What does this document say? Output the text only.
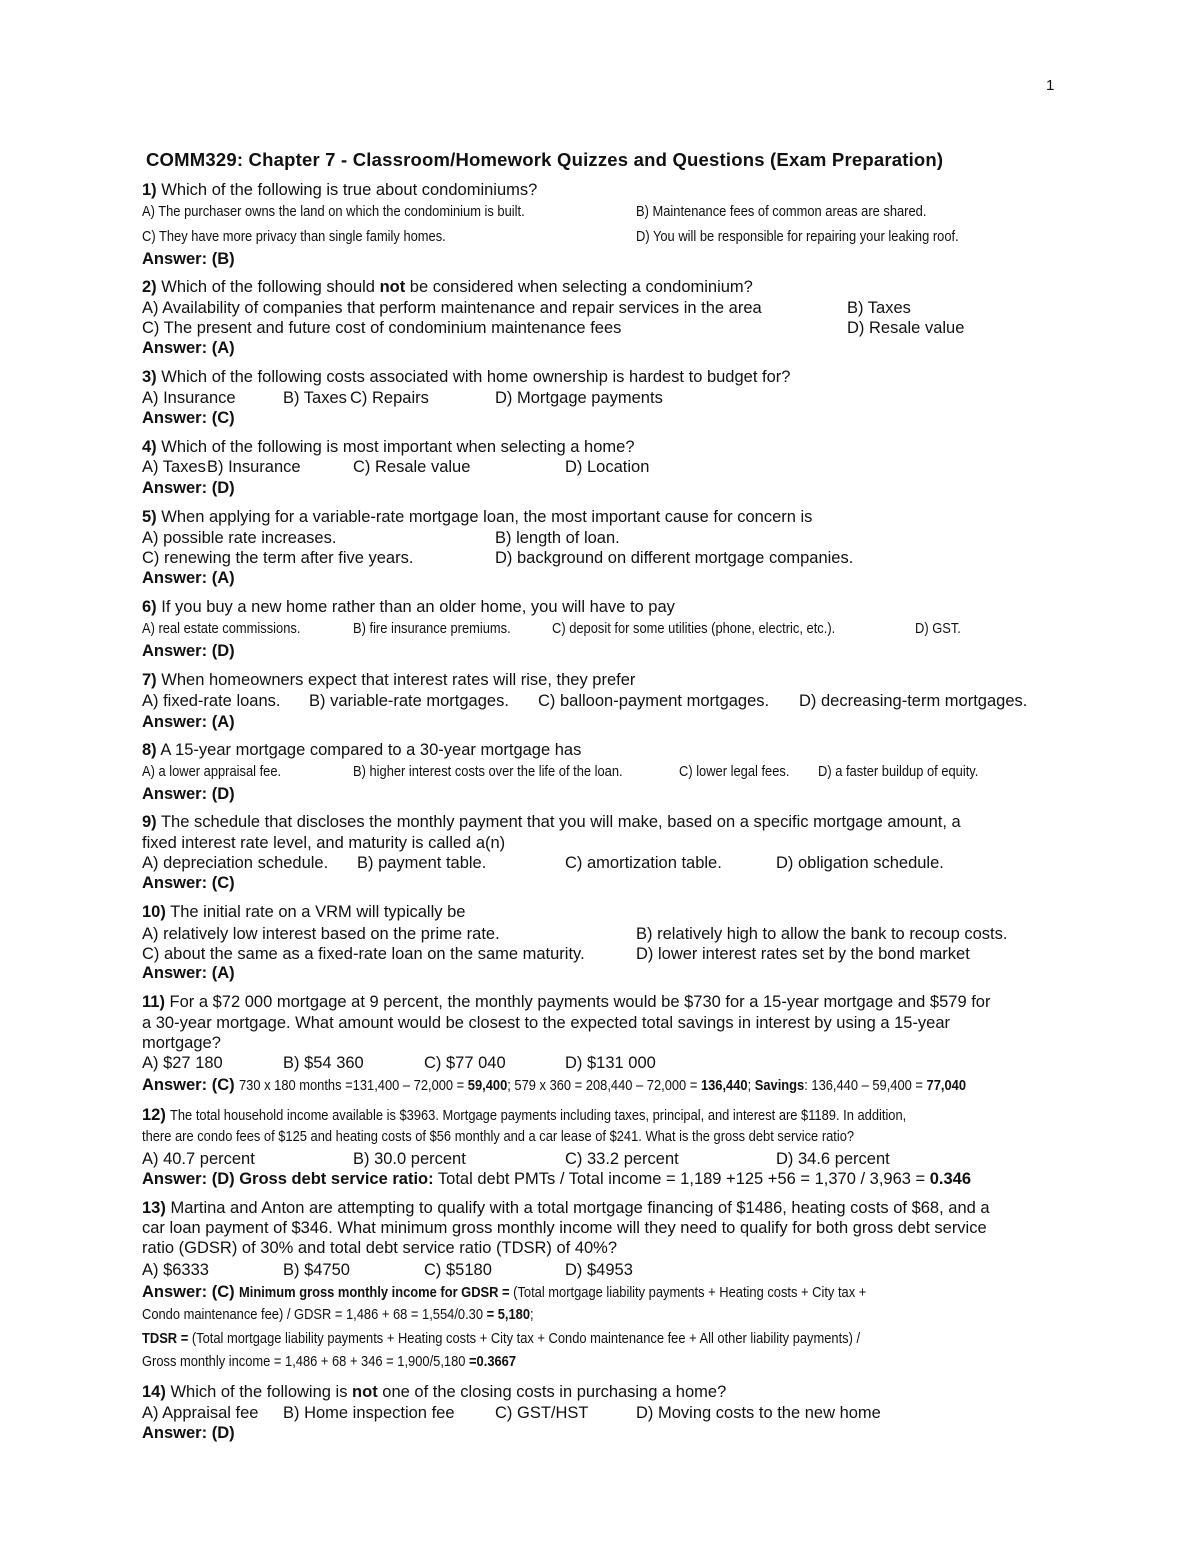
1
COMM329: Chapter 7 - Classroom/Homework Quizzes and Questions (Exam Preparation)
1) Which of the following is true about condominiums?
A) The purchaser owns the land on which the condominium is built.	B) Maintenance fees of common areas are shared.
C) They have more privacy than single family homes.	D) You will be responsible for repairing your leaking roof.
Answer: (B)
2) Which of the following should not be considered when selecting a condominium?
A) Availability of companies that perform maintenance and repair services in the area	B) Taxes
C) The present and future cost of condominium maintenance fees	D) Resale value
Answer: (A)
3) Which of the following costs associated with home ownership is hardest to budget for?
A) Insurance	B) Taxes C) Repairs	D) Mortgage payments
Answer: (C)
4) Which of the following is most important when selecting a home?
A) Taxes B) Insurance	C) Resale value	D) Location
Answer: (D)
5) When applying for a variable-rate mortgage loan, the most important cause for concern is
A) possible rate increases.	B) length of loan.
C) renewing the term after five years.	D) background on different mortgage companies.
Answer: (A)
6) If you buy a new home rather than an older home, you will have to pay
A) real estate commissions.	B) fire insurance premiums.	C) deposit for some utilities (phone, electric, etc.).	D) GST.
Answer: (D)
7) When homeowners expect that interest rates will rise, they prefer
A) fixed-rate loans. B) variable-rate mortgages. C) balloon-payment mortgages. D) decreasing-term mortgages.
Answer: (A)
8) A 15-year mortgage compared to a 30-year mortgage has
A) a lower appraisal fee.	B) higher interest costs over the life of the loan.	C) lower legal fees. D) a faster buildup of equity.
Answer: (D)
9) The schedule that discloses the monthly payment that you will make, based on a specific mortgage amount, a
fixed interest rate level, and maturity is called a(n)
A) depreciation schedule. B) payment table.	C) amortization table.	D) obligation schedule.
Answer: (C)
10) The initial rate on a VRM will typically be
A) relatively low interest based on the prime rate.	B) relatively high to allow the bank to recoup costs.
C) about the same as a fixed-rate loan on the same maturity.	D) lower interest rates set by the bond market
Answer: (A)
11) For a $72 000 mortgage at 9 percent, the monthly payments would be $730 for a 15-year mortgage and $579 for
a 30-year mortgage. What amount would be closest to the expected total savings in interest by using a 15-year
mortgage?
A) $27 180	B) $54 360	C) $77 040	D) $131 000
Answer: (C) 730 x 180 months =131,400 – 72,000 = 59,400; 579 x 360 = 208,440 – 72,000 = 136,440; Savings: 136,440 – 59,400 = 77,040
12) The total household income available is $3963. Mortgage payments including taxes, principal, and interest are $1189. In addition,
there are condo fees of $125 and heating costs of $56 monthly and a car lease of $241. What is the gross debt service ratio?
A) 40.7 percent	B) 30.0 percent	C) 33.2 percent	D) 34.6 percent
Answer: (D) Gross debt service ratio: Total debt PMTs / Total income = 1,189 +125 +56 = 1,370 / 3,963 = 0.346
13) Martina and Anton are attempting to qualify with a total mortgage financing of $1486, heating costs of $68, and a
car loan payment of $346. What minimum gross monthly income will they need to qualify for both gross debt service
ratio (GDSR) of 30% and total debt service ratio (TDSR) of 40%?
A) $6333	B) $4750	C) $5180	D) $4953
Answer: (C) Minimum gross monthly income for GDSR = (Total mortgage liability payments + Heating costs + City tax +
Condo maintenance fee) / GDSR = 1,486 + 68 = 1,554/0.30 = 5,180;
TDSR = (Total mortgage liability payments + Heating costs + City tax + Condo maintenance fee + All other liability payments) /
Gross monthly income = 1,486 + 68 + 346 = 1,900/5,180 =0.3667
14) Which of the following is not one of the closing costs in purchasing a home?
A) Appraisal fee B) Home inspection fee C) GST/HST	D) Moving costs to the new home
Answer: (D)
